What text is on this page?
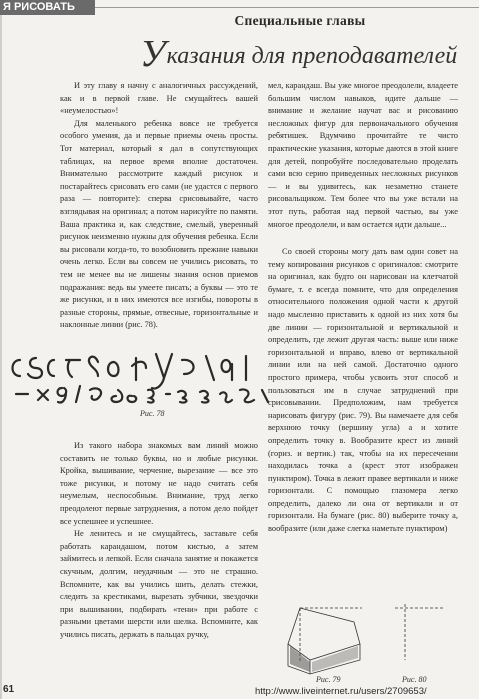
Я РИСОВАТЬ
Специальные главы
Указания для преподавателей

И эту главу я начну с аналогичных рассуждений, как и в первой главе. Не смущайтесь вашей «неумелостью»!

Для маленького ребенка вовсе не требуется особого умения, да и первые приемы очень просты. Тот материал, который я дал в сопутствующих таблицах, на первое время вполне достаточен. Внимательно рассмотрите каждый рисунок и постарайтесь срисовать его сами (не удастся с первого раза — повторите): сперва срисовывайте, часто взглядывая на оригинал; а потом нарисуйте по памяти. Ваша практика и, как следствие, смелый, уверенный рисунок неизменно нужны для обучения ребенка. Если вы рисовали когда-то, то возобновить прежние навыки очень легко. Если вы совсем не учились рисовать, то тем не менее вы не лишены знания основ приемов подражания: ведь вы умеете писать; а буквы — это те же рисунки, и в них имеются все изгибы, повороты в разные стороны, прямые, отвесные, горизонтальные и наклонные линии (рис. 78).

Рис. 78

Из такого набора знакомых вам линий можно составить не только буквы, но и любые рисунки. Кройка, вышивание, черчение, вырезание — все это тоже рисунки, и потому не надо считать себя неумелым, неспособным. Внимание, труд легко преодолеют первые затруднения, а потом дело пойдет все успешнее и успешнее.

Не ленитесь и не смущайтесь, заставьте себя работать карандашом, потом кистью, а затем займитесь и лепкой. Если сначала занятие и покажется скучным, долгим, неудачным — это не страшно. Вспомните, как вы учились шить, делать стежки, следить за крестиками, вырезать зубчики, звездочки при вышивании, подбирать «тени» при работе с разными цветами шерсти или шелка. Вспомните, как учились писать, держать в пальцах ручку,

мел, карандаш. Вы уже многое преодолели, владеете большим числом навыков, идите дальше — внимание и желание научат вас и рисованию несложных фигур для первоначального обучения ребятишек. Вдумчиво прочитайте те чисто практические указания, которые даются в этой книге для детей, попробуйте последовательно проделать сами всю серию приведенных несложных рисунков — и вы удивитесь, как незаметно станете рисовальщиком. Тем более что вы уже встали на этот путь, работая над первой частью, вы уже многое преодолели, и вам остается идти дальше...

Со своей стороны могу дать вам один совет на тему копирования рисунков с оригиналов: смотрите на оригинал, как будто он нарисован на клетчатой бумаге, т. е всегда помните, что для определения относительного положения одной части к другой надо мысленно приставить к одной из них хотя бы две линии — горизонтальной и вертикальной и определить, где лежит другая часть: выше или ниже горизонтальной и вправо, влево от вертикальной линии или на ней самой. Достаточно одного простого примера, чтобы усвоить этот способ и пользоваться им в случае затруднений при срисовывании. Предположим, нам требуется нарисовать фигуру (рис. 79). Вы намечаете для себя верхнюю точку (вершину угла) а и хотите определить точку в. Вообразите крест из линий (гориз. и вертик.) так, чтобы на их пересечении находилась точка а (крест этот изображен пунктиром). Точка в лежит правее вертикали и ниже горизонтали. С помощью глазомера легко определить, далеко ли она от вертикали и от горизонтали. На бумаге (рис. 80) выберите точку а, вообразите (или даже слегка наметьте пунктиром)

Рис. 79	Рис. 80
61	http://www.liveinternet.ru/users/2709653/
